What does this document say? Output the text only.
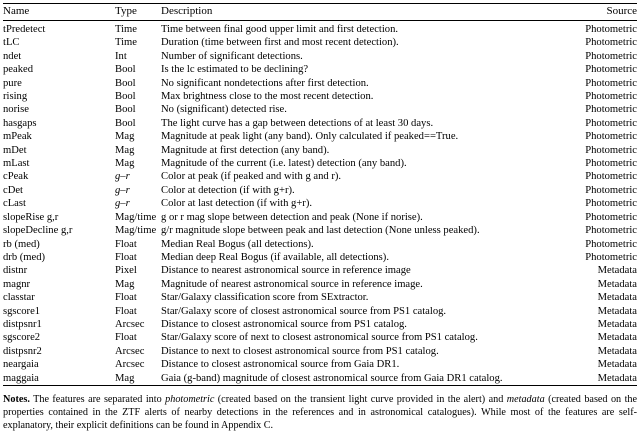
Name	Type	Description	Source
tPredetect	Time	Time between final good upper limit and first detection.	Photometric
tLC	Time	Duration (time between first and most recent detection).	Photometric
ndet	Int	Number of significant detections.	Photometric
peaked	Bool	Is the lc estimated to be declining?	Photometric
pure	Bool	No significant nondetections after first detection.	Photometric
rising	Bool	Max brightness close to the most recent detection.	Photometric
norise	Bool	No (significant) detected rise.	Photometric
hasgaps	Bool	The light curve has a gap between detections of at least 30 days.	Photometric
mPeak	Mag	Magnitude at peak light (any band). Only calculated if peaked==True.	Photometric
mDet	Mag	Magnitude at first detection (any band).	Photometric
mLast	Mag	Magnitude of the current (i.e. latest) detection (any band).	Photometric
cPeak	g–r	Color at peak (if peaked and with g and r).	Photometric
cDet	g–r	Color at detection (if with g+r).	Photometric
cLast	g–r	Color at last detection (if with g+r).	Photometric
slopeRise g,r	Mag/time	g or r mag slope between detection and peak (None if norise).	Photometric
slopeDecline g,r	Mag/time	g/r magnitude slope between peak and last detection (None unless peaked).	Photometric
rb (med)	Float	Median Real Bogus (all detections).	Photometric
drb (med)	Float	Median deep Real Bogus (if available, all detections).	Photometric
distnr	Pixel	Distance to nearest astronomical source in reference image	Metadata
magnr	Mag	Magnitude of nearest astronomical source in reference image.	Metadata
classtar	Float	Star/Galaxy classification score from SExtractor.	Metadata
sgscore1	Float	Star/Galaxy score of closest astronomical source from PS1 catalog.	Metadata
distpsnr1	Arcsec	Distance to closest astronomical source from PS1 catalog.	Metadata
sgscore2	Float	Star/Galaxy score of next to closest astronomical source from PS1 catalog.	Metadata
distpsnr2	Arcsec	Distance to next to closest astronomical source from PS1 catalog.	Metadata
neargaia	Arcsec	Distance to closest astronomical source from Gaia DR1.	Metadata
maggaia	Mag	Gaia (g-band) magnitude of closest astronomical source from Gaia DR1 catalog.	Metadata
Notes. The features are separated into photometric (created based on the transient light curve provided in the alert) and metadata (created based on the properties contained in the ZTF alerts of nearby detections in the references and in astronomical catalogues). While most of the features are self-explanatory, their explicit definitions can be found in Appendix C.
